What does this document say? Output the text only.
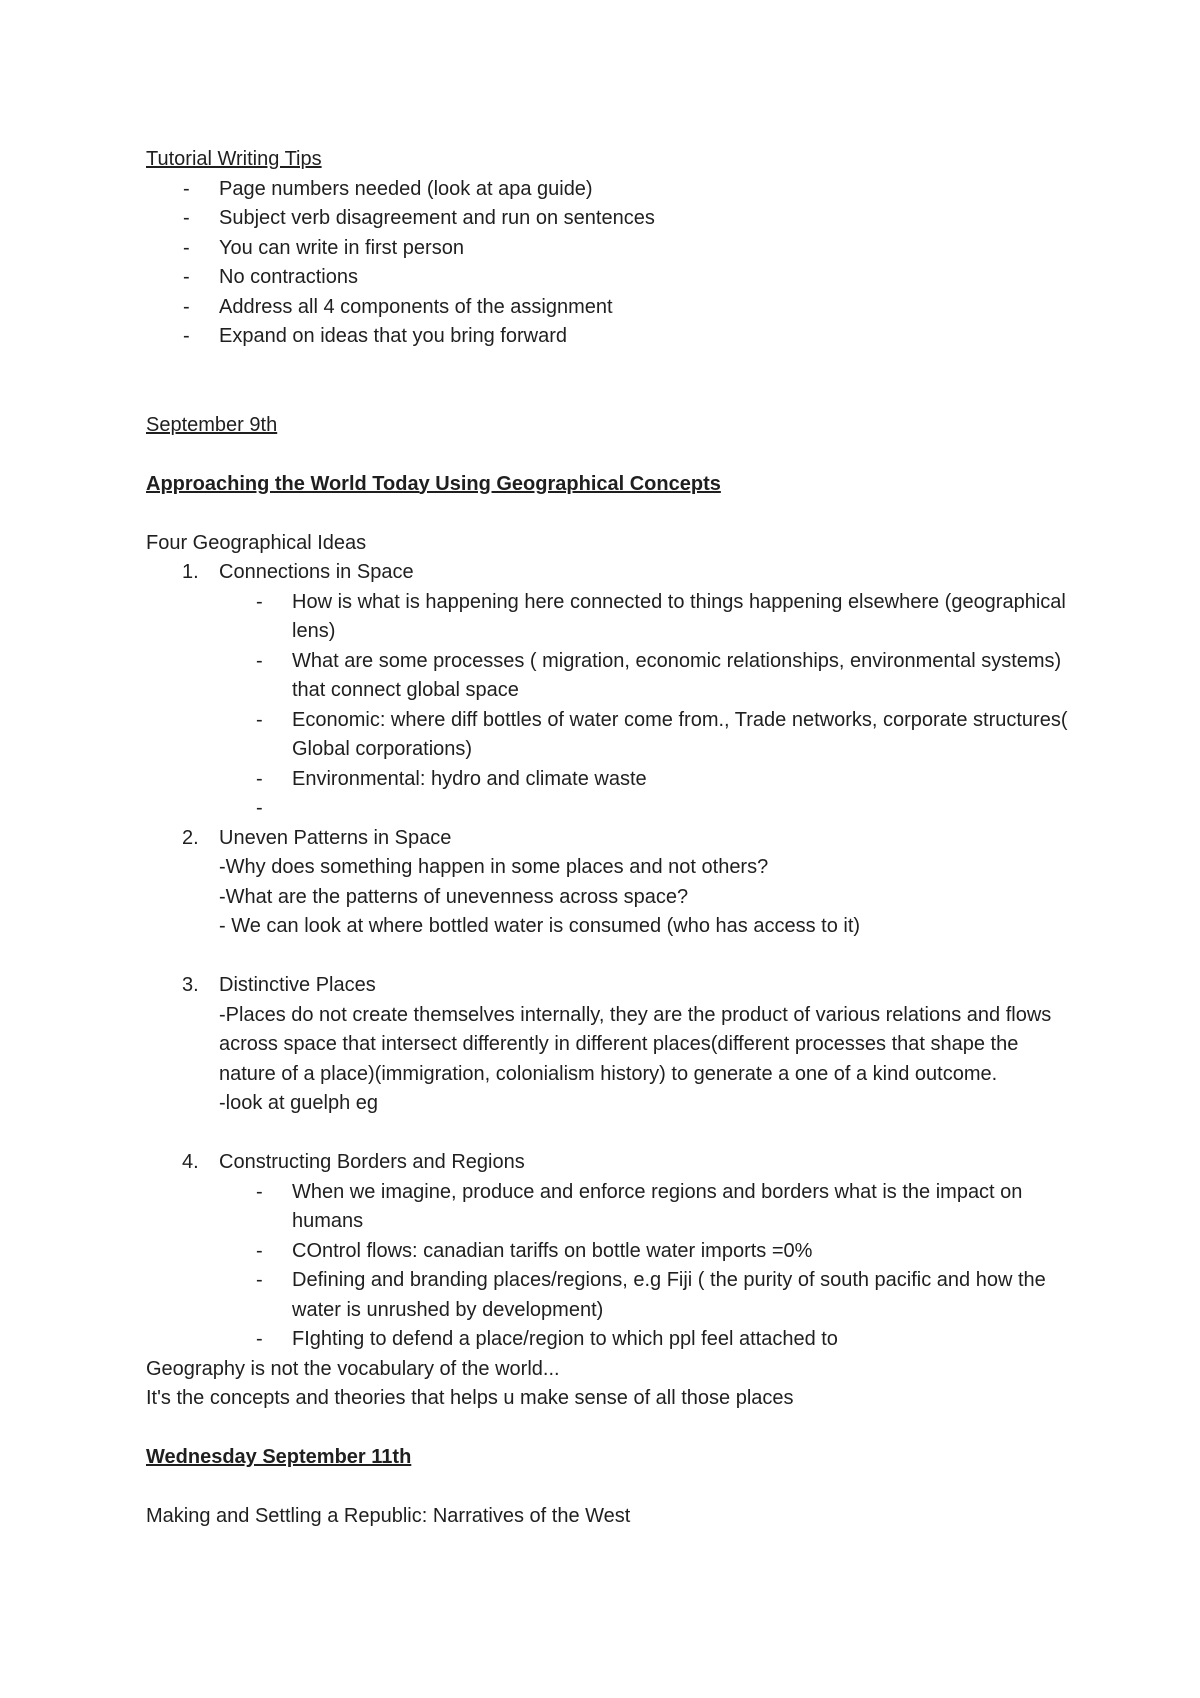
Tutorial Writing Tips

- Page numbers needed (look at apa guide)

- Subject verb disagreement and run on sentences

- You can write in first person

- No contractions

- Address all 4 components of the assignment

- Expand on ideas that you bring forward

September 9th

Approaching the World Today Using Geographical Concepts

Four Geographical Ideas

1. Connections in Space

- How is what is happening here connected to things happening elsewhere (geographical lens)

- What are some processes ( migration, economic relationships, environmental systems) that connect global space

- Economic: where diff bottles of water come from., Trade networks, corporate structures( Global corporations)

- Environmental: hydro and climate waste

-

2. Uneven Patterns in Space

-Why does something happen in some places and not others?

-What are the patterns of unevenness across space?

- We can look at where bottled water is consumed (who has access to it)

3. Distinctive Places

-Places do not create themselves internally, they are the product of various relations and flows across space that intersect differently in different places(different processes that shape the nature of a place)(immigration, colonialism history) to generate a one of a kind outcome.

-look at guelph eg

4. Constructing Borders and Regions

- When we imagine, produce and enforce regions and borders what is the impact on humans

- COntrol flows: canadian tariffs on bottle water imports =0%

- Defining and branding places/regions, e.g Fiji ( the purity of south pacific and how the water is unrushed by development)

- FIghting to defend a place/region to which ppl feel attached to

Geography is not the vocabulary of the world...

It's the concepts and theories that helps u make sense of all those places

Wednesday September 11th

Making and Settling a Republic: Narratives of the West
